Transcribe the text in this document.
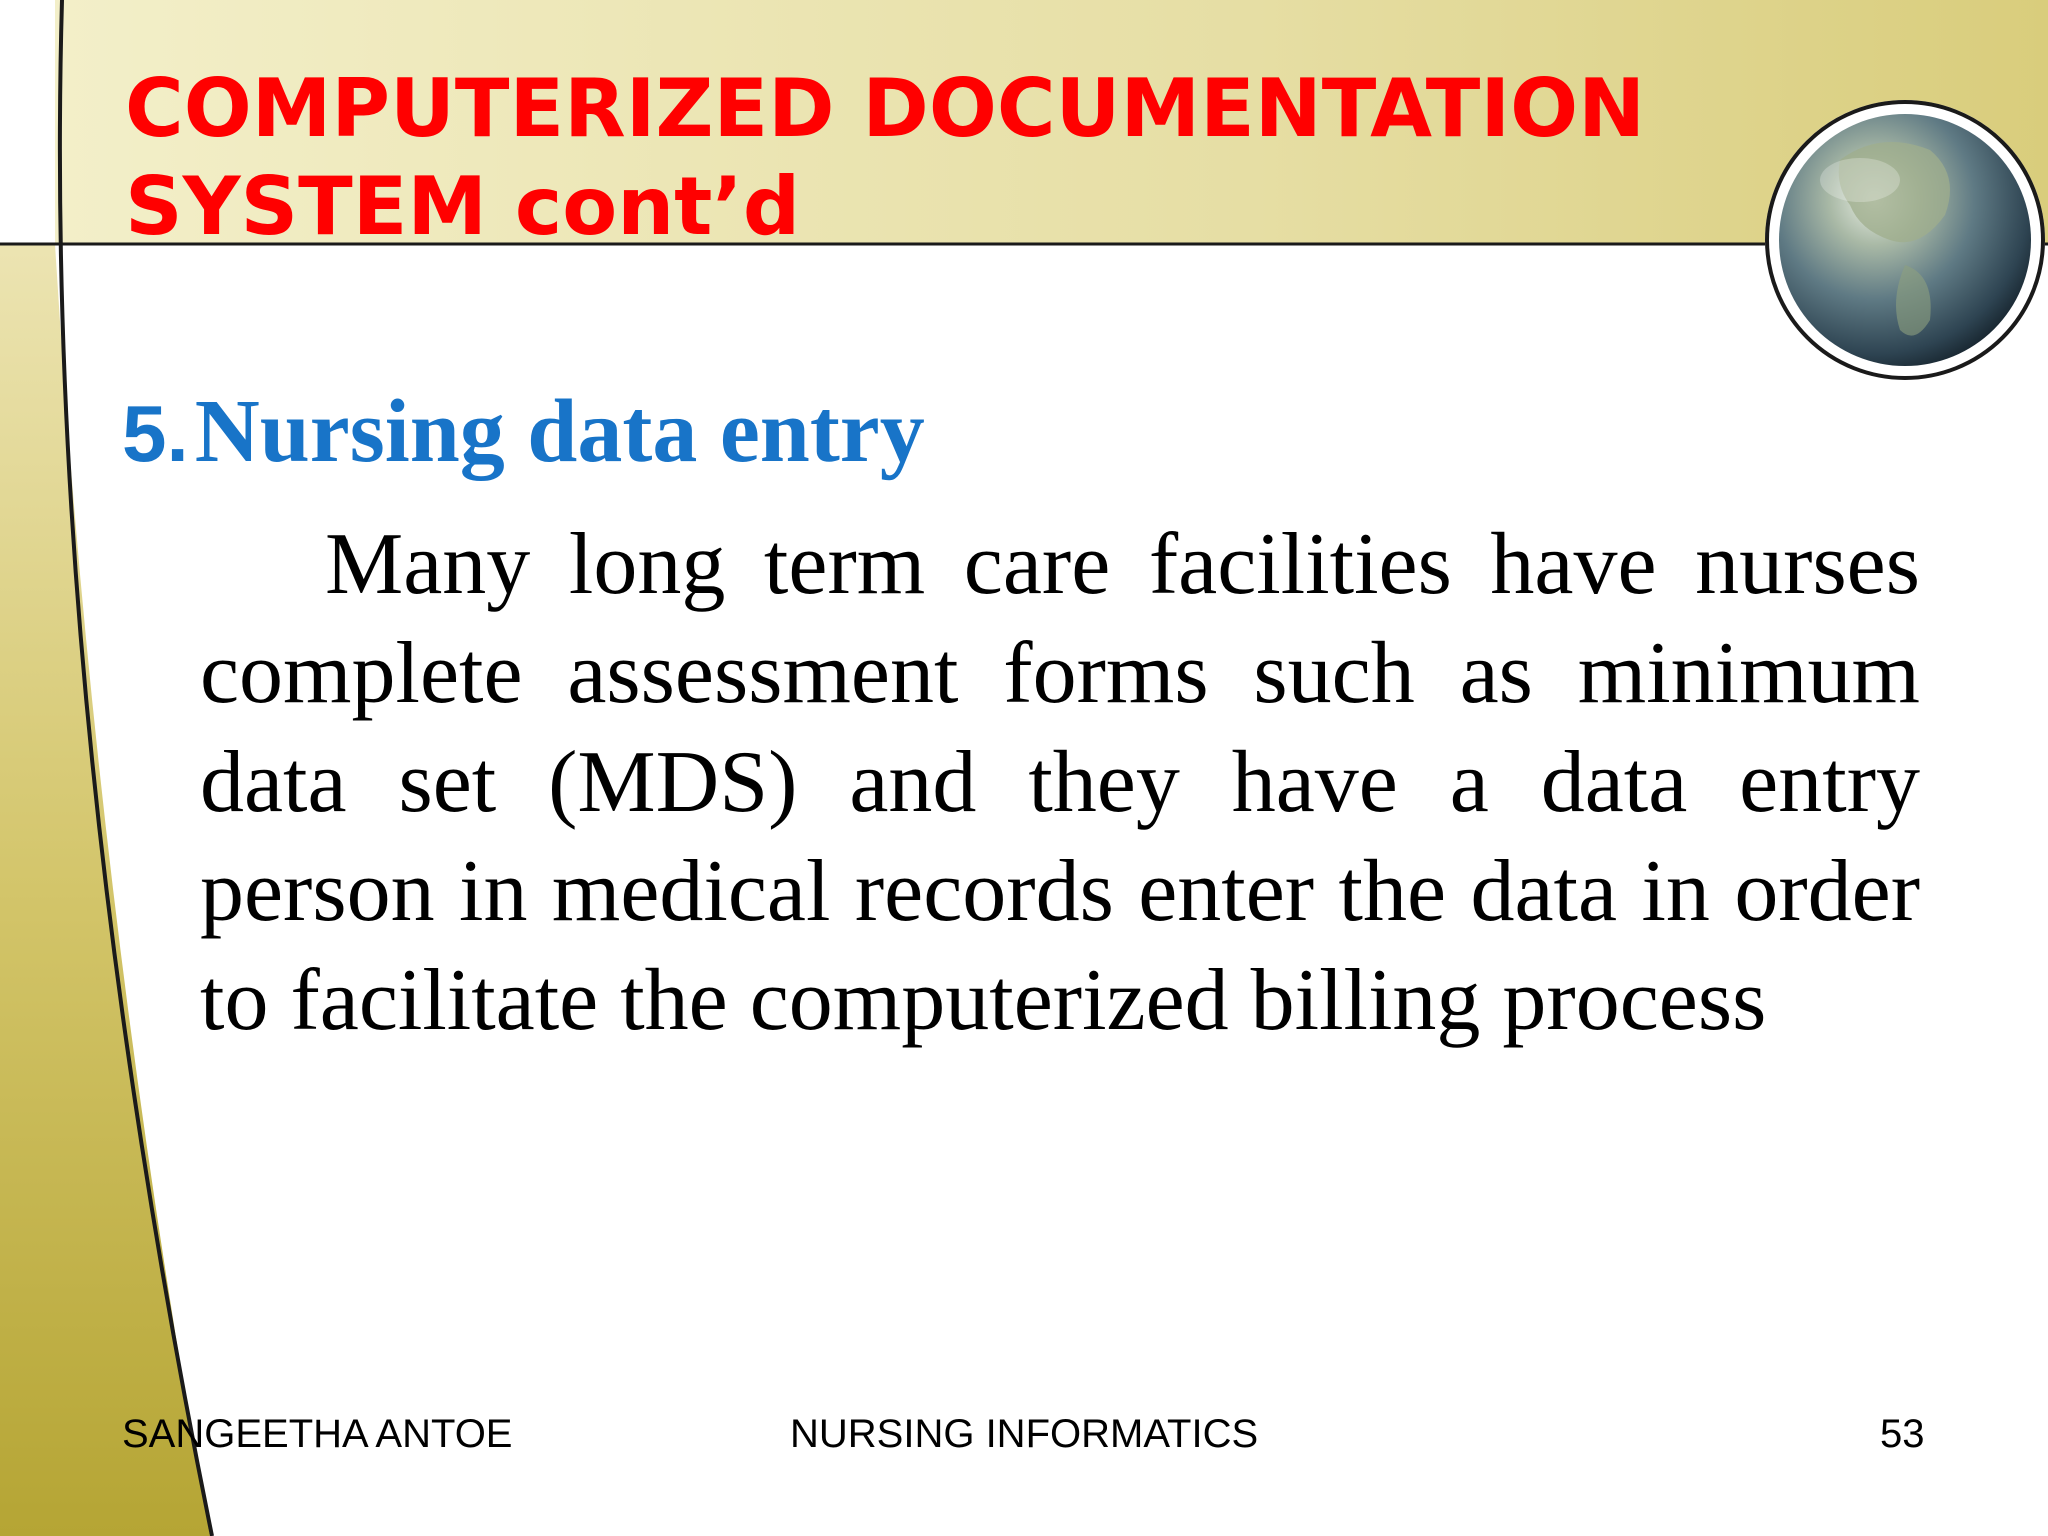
COMPUTERIZED DOCUMENTATION
SYSTEM cont’d
5. Nursing data entry

Many long term care facilities have nurses complete assessment forms such as minimum data set (MDS) and they have a data entry person in medical records enter the data in order to facilitate the computerized billing process

SANGEETHA ANTOE	NURSING INFORMATICS	53
